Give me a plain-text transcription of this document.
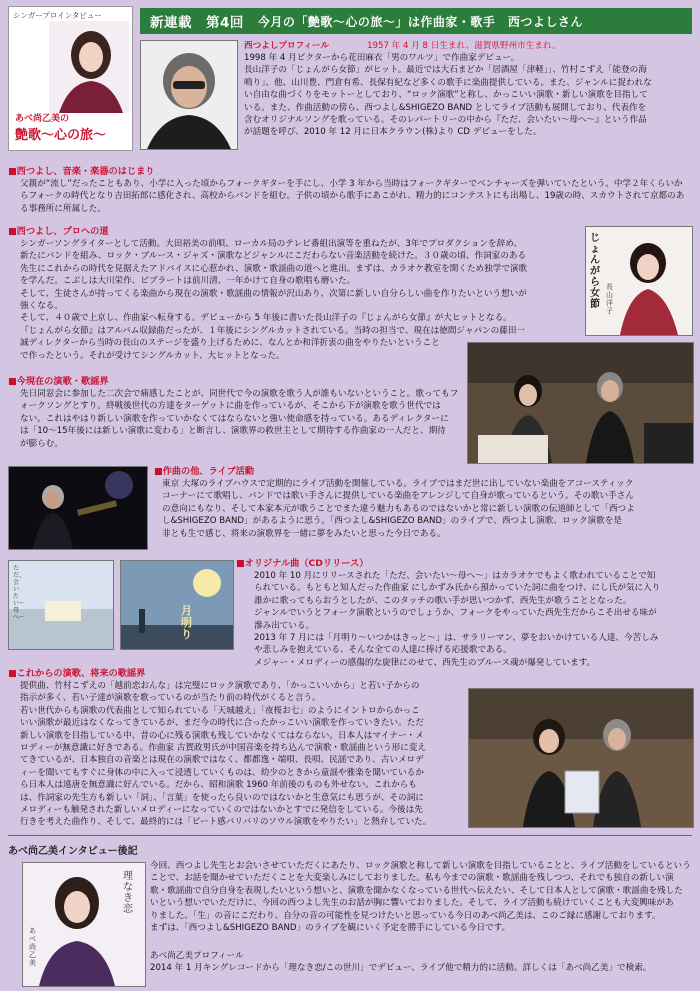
新連載 第4回 今月の「艶歌〜心の旅〜」は作曲家・歌手　西つよしさん
シンガープロインタビュー
あべ尚乙美の
艶歌〜心の旅〜

西つよしプロフィール	1957 年 4 月 8 日生まれ、滋賀県野州市生まれ。

1998 年 4 月ビクターから花田麻衣「男のワルツ」で作曲家デビュー。

長山洋子の「じょんがら女節」がヒット。最近では大石まどか「居酒屋「津軽」」、竹村こずえ「能登の海

鳴り」、他、山川豊、門倉有希、長保有紀など多くの歌手に楽曲提供している。また、ジャンルに捉われな

い自由な曲づくりをモットーとしており、“ロック演歌”と称し、かっこいい演歌・新しい演歌を目指して

いる。また、作曲活動の傍ら、西つよし&SHIGEZO BAND としてライブ活動も展開しており、代表作を

含むオリジナルソングを歌っている。そのレパートリーの中から『ただ、会いたい〜母へ〜』という作品

が話題を呼び、2010 年 12 月に日本クラウン(株)より CD デビューをした。

■西つよし、音楽・楽器のはじまり

父親が“流し”だったこともあり、小学に入った頃からフォークギターを手にし、小学 3 年から当時はフォークギターでベンチャーズを弾いていたという。中学２年くらいか

らフォークの時代となり吉田拓郎に感化され、高校からバンドを組む。子供の頃から歌手にあこがれ、精力的にコンテストにも出場し、19歳の時、スカウトされて京都のあ

る事務所に所属した。

■西つよし、プロへの道

シンガーソングライターとして活動。大田裕美の前唄、ローカル局のテレビ番組出演等を重ねたが、3年でプロダクションを辞め、

新たにバンドを組み、ロック・ブルース・ジャズ・演歌などジャンルにこだわらない音楽活動を続けた。３０歳の頃、作詞家のある

先生にこれからの時代を見据えたアドバイスに心惹かれ、演歌・歌謡曲の道へと進出。まずは、カラオケ教室を開くため独学で演歌

を学んだ。こぶしは大川栄作、ビブラートは前川清、一年かけて自身の歌唱も磨いた。

そして、生徒さんが持ってくる楽曲から現在の演歌・歌謡曲の情報が沢山あり、次第に新しい自分らしい曲を作りたいという想いが

強くなる。

そして、４０歳で上京し、作曲家へ転身する。デビューから 5 年後に書いた長山洋子の『じょんがら女節』が大ヒットとなる。

『じょんがら女節』はアルバム収録曲だったが、１年後にシングルカットされている。当時の担当で、現在は徳間ジャパンの藤田一

誠ディレクターから当時の長山のステージを盛り上げるために、なんとか和洋折衷の曲をやりたいということ

で作ったという。それが受けてシングルカット、大ヒットとなった。

じょんがら女節
長山洋子

■今現在の演歌・歌謡界

先日同窓会に参加した二次会で痛感したことが、同世代で今の演歌を歌う人が誰もいないということ。歌ってもフ

ォークソングとすり。終戦後世代の方達をターゲットに曲を作っているが、そこから下が演歌を歌う世代では

ない。これはやはり新しい演歌を作っていかなくてはならないと強い使命感を持っている。あるディレクターに

は「10〜15年後には新しい演歌に変わる」と断言し、演歌界の救世主として期待する作曲家の一人だと、期待

が膨らむ。

■作曲の他、ライブ活動

東京 大塚のライブハウスで定期的にライブ活動を開催している。ライブではまだ世に出していない楽曲をアコースティック

コーナーにて歌唱し、バンドでは歌い手さんに提供している楽曲をアレンジして自身が歌っているという。その歌い手さん

の意向にもなり、そして本家本元が歌うことでまた違う魅力もあるのではないかと常に新しい演歌の伝道師として「西つよ

し&SHIGEZO BAND」があるように思う。「西つよし&SHIGEZO BAND」のライブで、西つよし演歌、ロック演歌を是

非とも生で感じ、将来の演歌界を一緒に夢をみたいと思った今日である。

ただ、会いたい〜母へ〜
月明り

■オリジナル曲（CDリリース）

2010 年 10 月にリリースされた「ただ、会いたい〜母へ〜」はカラオケでもよく歌われていることで知

られている。もともと知人だった作曲家 にしかずみ氏から預かっていた詞に曲をつけ、にし氏が気に入り

誰かに歌ってもらおうとしたが、このタッチの歌い手が思いつかず、西先生が歌うこととなった。

ジャンルでいうとフォーク演歌というのでしょうか、フォークをやっていた西先生だからこそ出せる味が

滲み出ている。

2013 年 7 月には「月明り〜いつかはきっと〜」は、サラリーマン、夢をおいかけている人達、今苦しみ

や悲しみを抱えている、そんな全ての人達に捧げる応援歌である。

メジャー・メロディーの感傷的な旋律にのせて、西先生のブルース魂が爆発しています。

■これからの演歌、将来の歌謡界

提供曲、竹村こずえの「越前恋おんな」は完璧にロック演歌であり、「かっこいいから」と若い子からの

指示が多く、若い子達が演歌を歌っているのが当たり前の時代がくると言う。

若い世代からも演歌の代表曲として知られている「天城越え」「夜桜お七」のようにイントロからかっこ

いい演歌が最近はなくなってきているが、まだ今の時代に合ったかっこいい演歌を作っていきたい。ただ

新しい演歌を目指している中、昔の心に残る演歌も残していかなくてはならない。日本人はマイナー・メ

ロディーが無意識に好きである。作曲家 古賀政男氏が中国音楽を持ち込んで演歌・歌謡曲という形に変え

てきているが、日本独自の音楽とは現在の演歌ではなく、都都逸・端唄、長唄、民謡であり、古いメロデ

ィーを聞いてもすぐに身体の中に入って浸透していくものは、幼少のときから童謡や雅楽を聞いているか

ら日本人は遠唐を無意識に好んでいる。だから、昭和演歌 1960 年前後のものも外せない。これからも

は、作詞家の先生方も新しい「詞」、「言葉」を使ったら良いのではないかと生意気にも思うが、その詞に

メロディーも触発された新しいメロディーになっていくのではないかとすでに発信をしている。今後は先

行きを考えた曲作り、そして、最終的には「ビート感バリバリのソウル演歌をやりたい」と熱弁していた。

あべ尚乙美インタビュー後記

理なき恋
あべ尚乙美

今回、西つよし先生とお会いさせていただくにあたり、ロック演歌と称して新しい演歌を目指していることと、ライブ活動をしているという

ことで、お話を聞かせていただくことを大変楽しみにしておりました。私も今までの演歌・歌謡曲を残しつつ、それでも独自の新しい演

歌・歌謡曲で自分自身を表現したいという想いと、演歌を聞かなくなっている世代へ伝えたい、そして日本人として演歌・歌謡曲を残した

いという想いでいただけに、今回の西つよし先生のお話が胸に響いておりました。そして、ライブ活動も続けていくことも大変興味があ

りました。「生」の音にこだわり、自分の音の可能性を見つけたいと思っている今日のあべ尚乙美は、このご縁に感謝しております。

まずは、「西つよし&SHIGEZO BAND」のライブを観にいく予定を勝手にしている今日です。

あべ尚乙美プロフィール

2014 年 1 月キングレコードから「理なき恋/この世川」でデビュー、ライブ他で精力的に活動。詳しくは「あべ尚乙美」で検索。
